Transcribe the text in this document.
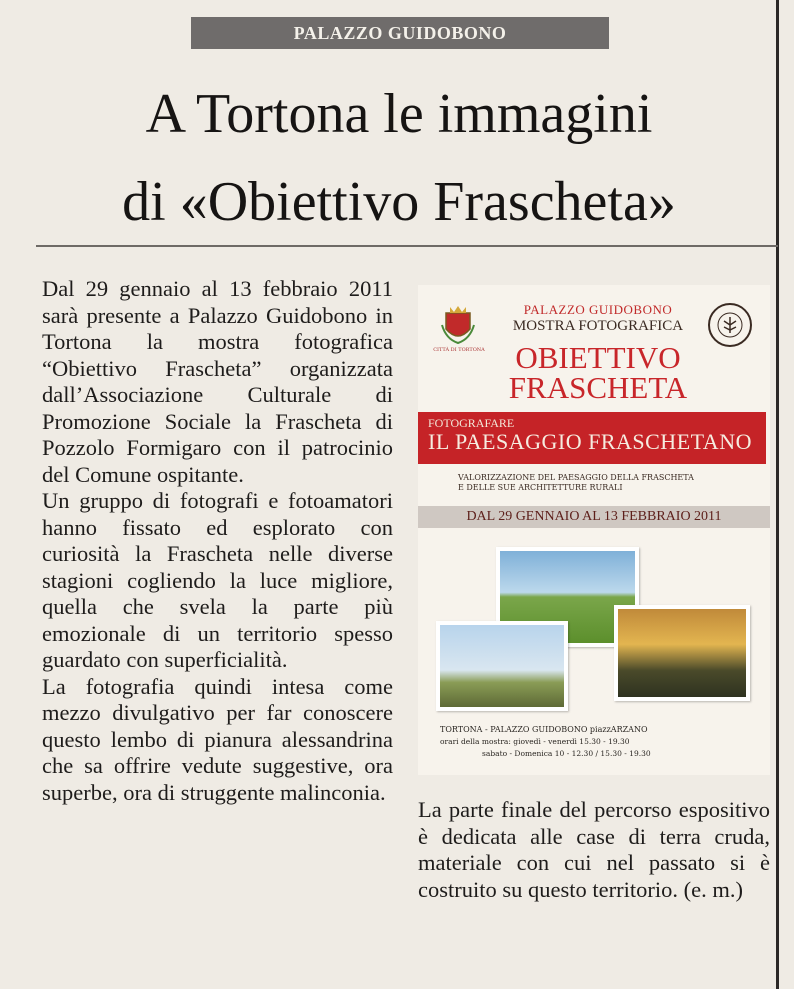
PALAZZO GUIDOBONO
A Tortona le immagini
di «Obiettivo Frascheta»

Dal 29 gennaio al 13 febbraio 2011 sarà presente a Palazzo Guidobono in Tortona la mostra fotografica “Obiettivo Frascheta” organizzata dall’Associazione Culturale di Promozione Sociale la Frascheta di Pozzolo Formigaro con il patrocinio del Comune ospitante.

Un gruppo di fotografi e fotoamatori hanno fissato ed esplorato con curiosità la Frascheta nelle diverse stagioni cogliendo la luce migliore, quella che svela la parte più emozionale di un territorio spesso guardato con superficialità.

La fotografia quindi intesa come mezzo divulgativo per far conoscere questo lembo di pianura alessandrina che sa offrire vedute suggestive, ora superbe, ora di struggente malinconia.

CITTÀ DI TORTONA
PALAZZO GUIDOBONO
MOSTRA FOTOGRAFICA
OBIETTIVO
FRASCHETA
FOTOGRAFARE
IL PAESAGGIO FRASCHETANO
VALORIZZAZIONE DEL PAESAGGIO DELLA FRASCHETA
E DELLE SUE ARCHITETTURE RURALI
DAL 29 GENNAIO AL 13 FEBBRAIO 2011
TORTONA - PALAZZO GUIDOBONO piazzARZANO
orari della mostra: giovedì - venerdì 15.30 - 19.30
sabato - Domenica 10 - 12.30 / 15.30 - 19.30

La parte finale del percorso espositivo è dedicata alle case di terra cruda, materiale con cui nel passato si è costruito su questo territorio. (e. m.)
